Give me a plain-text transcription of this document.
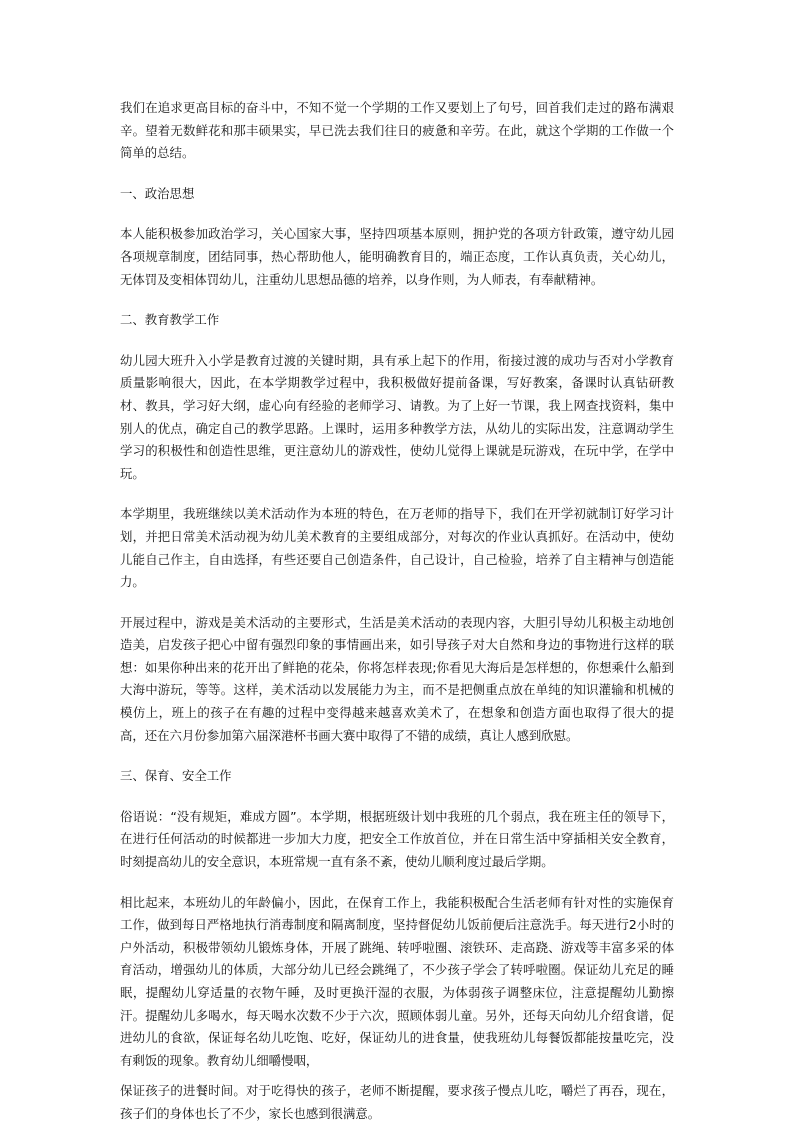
我们在追求更高目标的奋斗中，不知不觉一个学期的工作又要划上了句号，回首我们走过的路布满艰辛。望着无数鲜花和那丰硕果实，早已洗去我们往日的疲惫和辛劳。在此，就这个学期的工作做一个简单的总结。

一、政治思想

本人能积极参加政治学习，关心国家大事，坚持四项基本原则，拥护党的各项方针政策，遵守幼儿园各项规章制度，团结同事，热心帮助他人，能明确教育目的，端正态度，工作认真负责，关心幼儿，无体罚及变相体罚幼儿，注重幼儿思想品德的培养，以身作则，为人师表，有奉献精神。

二、教育教学工作

幼儿园大班升入小学是教育过渡的关键时期，具有承上起下的作用，衔接过渡的成功与否对小学教育质量影响很大，因此，在本学期教学过程中，我积极做好提前备课，写好教案，备课时认真钻研教材、教具，学习好大纲，虚心向有经验的老师学习、请教。为了上好一节课，我上网查找资料，集中别人的优点，确定自己的教学思路。上课时，运用多种教学方法，从幼儿的实际出发，注意调动学生学习的积极性和创造性思维，更注意幼儿的游戏性，使幼儿觉得上课就是玩游戏，在玩中学，在学中玩。

本学期里，我班继续以美术活动作为本班的特色，在万老师的指导下，我们在开学初就制订好学习计划，并把日常美术活动视为幼儿美术教育的主要组成部分，对每次的作业认真抓好。在活动中，使幼儿能自己作主，自由选择，有些还要自己创造条件，自己设计，自己检验，培养了自主精神与创造能力。

开展过程中，游戏是美术活动的主要形式，生活是美术活动的表现内容，大胆引导幼儿积极主动地创造美，启发孩子把心中留有强烈印象的事情画出来，如引导孩子对大自然和身边的事物进行这样的联想：如果你种出来的花开出了鲜艳的花朵，你将怎样表现;你看见大海后是怎样想的，你想乘什么船到大海中游玩，等等。这样，美术活动以发展能力为主，而不是把侧重点放在单纯的知识灌输和机械的模仿上，班上的孩子在有趣的过程中变得越来越喜欢美术了，在想象和创造方面也取得了很大的提高，还在六月份参加第六届深港杯书画大赛中取得了不错的成绩，真让人感到欣慰。

三、保育、安全工作

俗语说：“没有规矩，难成方圆”。本学期，根据班级计划中我班的几个弱点，我在班主任的领导下，在进行任何活动的时候都进一步加大力度，把安全工作放首位，并在日常生活中穿插相关安全教育，时刻提高幼儿的安全意识，本班常规一直有条不紊，使幼儿顺利度过最后学期。

相比起来，本班幼儿的年龄偏小，因此，在保育工作上，我能积极配合生活老师有针对性的实施保育工作，做到每日严格地执行消毒制度和隔离制度，坚持督促幼儿饭前便后注意洗手。每天进行2小时的户外活动，积极带领幼儿锻炼身体，开展了跳绳、转呼啦圈、滚铁环、走高跷、游戏等丰富多采的体育活动，增强幼儿的体质，大部分幼儿已经会跳绳了，不少孩子学会了转呼啦圈。保证幼儿充足的睡眠，提醒幼儿穿适量的衣物午睡，及时更换汗湿的衣服，为体弱孩子调整床位，注意提醒幼儿勤擦汗。提醒幼儿多喝水，每天喝水次数不少于六次，照顾体弱儿童。另外，还每天向幼儿介绍食谱，促进幼儿的食欲，保证每名幼儿吃饱、吃好，保证幼儿的进食量，使我班幼儿每餐饭都能按量吃完，没有剩饭的现象。教育幼儿细嚼慢咽，

保证孩子的进餐时间。对于吃得快的孩子，老师不断提醒，要求孩子慢点儿吃，嚼烂了再吞，现在，孩子们的身体也长了不少，家长也感到很满意。
